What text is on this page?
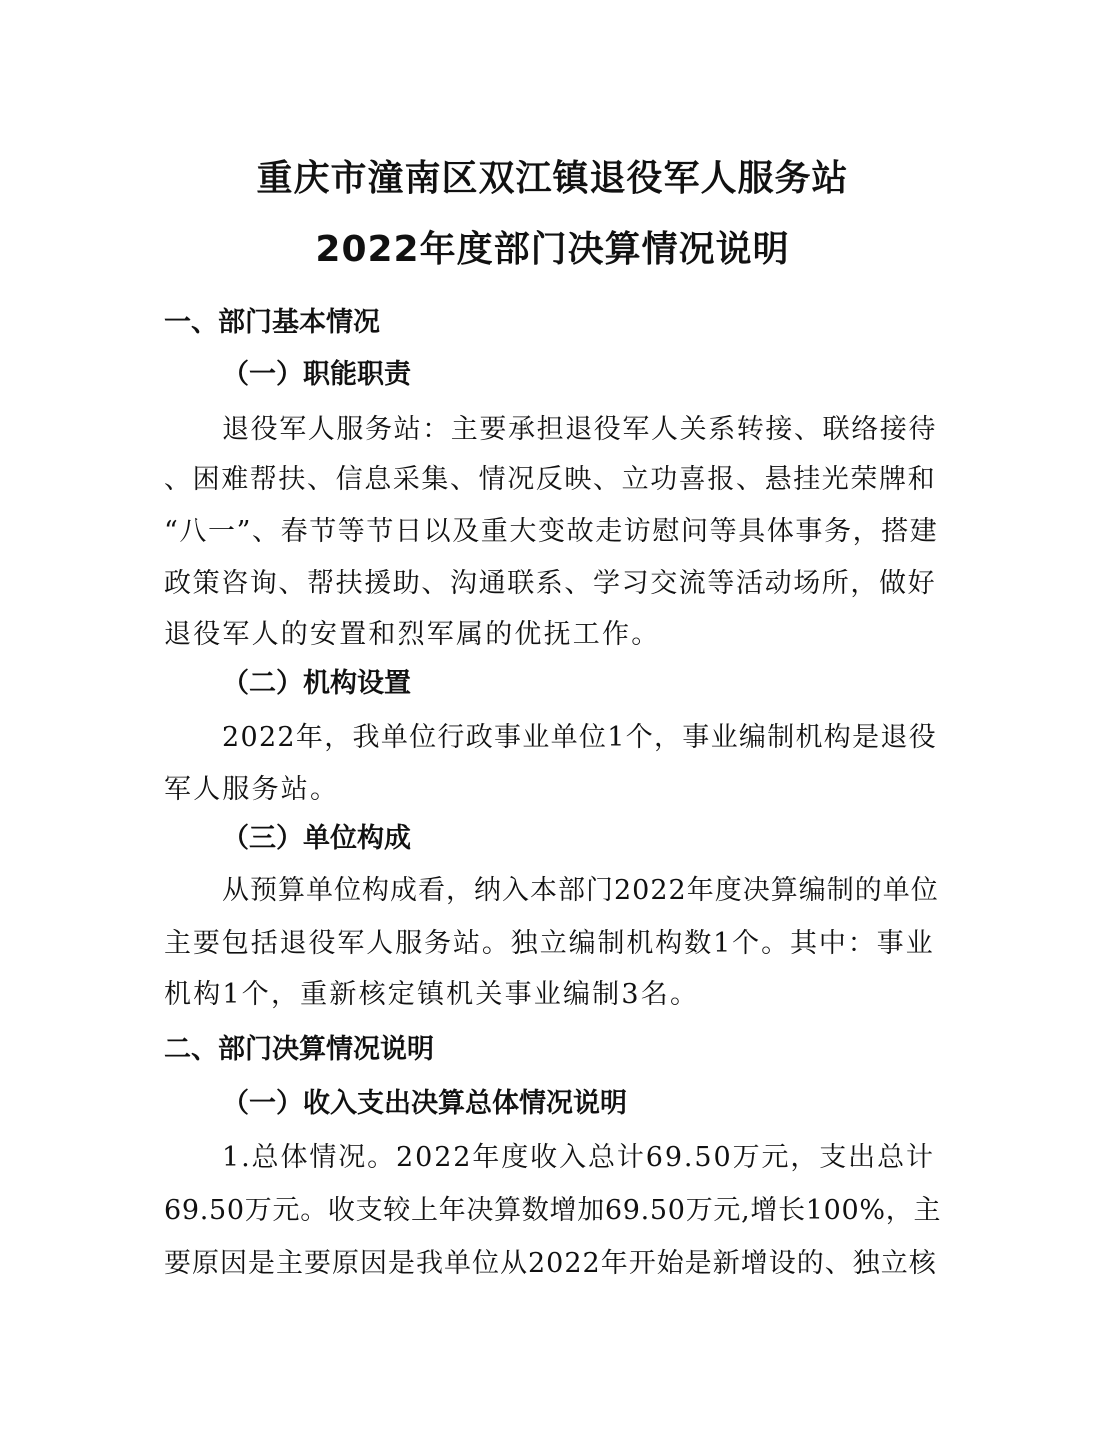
重庆市潼南区双江镇退役军人服务站
2022年度部门决算情况说明
一、部门基本情况
（一）职能职责
退役军人服务站：主要承担退役军人关系转接、联络接待
、困难帮扶、信息采集、情况反映、立功喜报、悬挂光荣牌和
“八一”、春节等节日以及重大变故走访慰问等具体事务，搭建
政策咨询、帮扶援助、沟通联系、学习交流等活动场所，做好
退役军人的安置和烈军属的优抚工作。
（二）机构设置
2022年，我单位行政事业单位1个，事业编制机构是退役
军人服务站。
（三）单位构成
从预算单位构成看，纳入本部门2022年度决算编制的单位
主要包括退役军人服务站。独立编制机构数1个。其中：事业
机构1个，重新核定镇机关事业编制3名。
二、部门决算情况说明
（一）收入支出决算总体情况说明
1.总体情况。2022年度收入总计69.50万元，支出总计
69.50万元。收支较上年决算数增加69.50万元,增长100%，主
要原因是主要原因是我单位从2022年开始是新增设的、独立核
